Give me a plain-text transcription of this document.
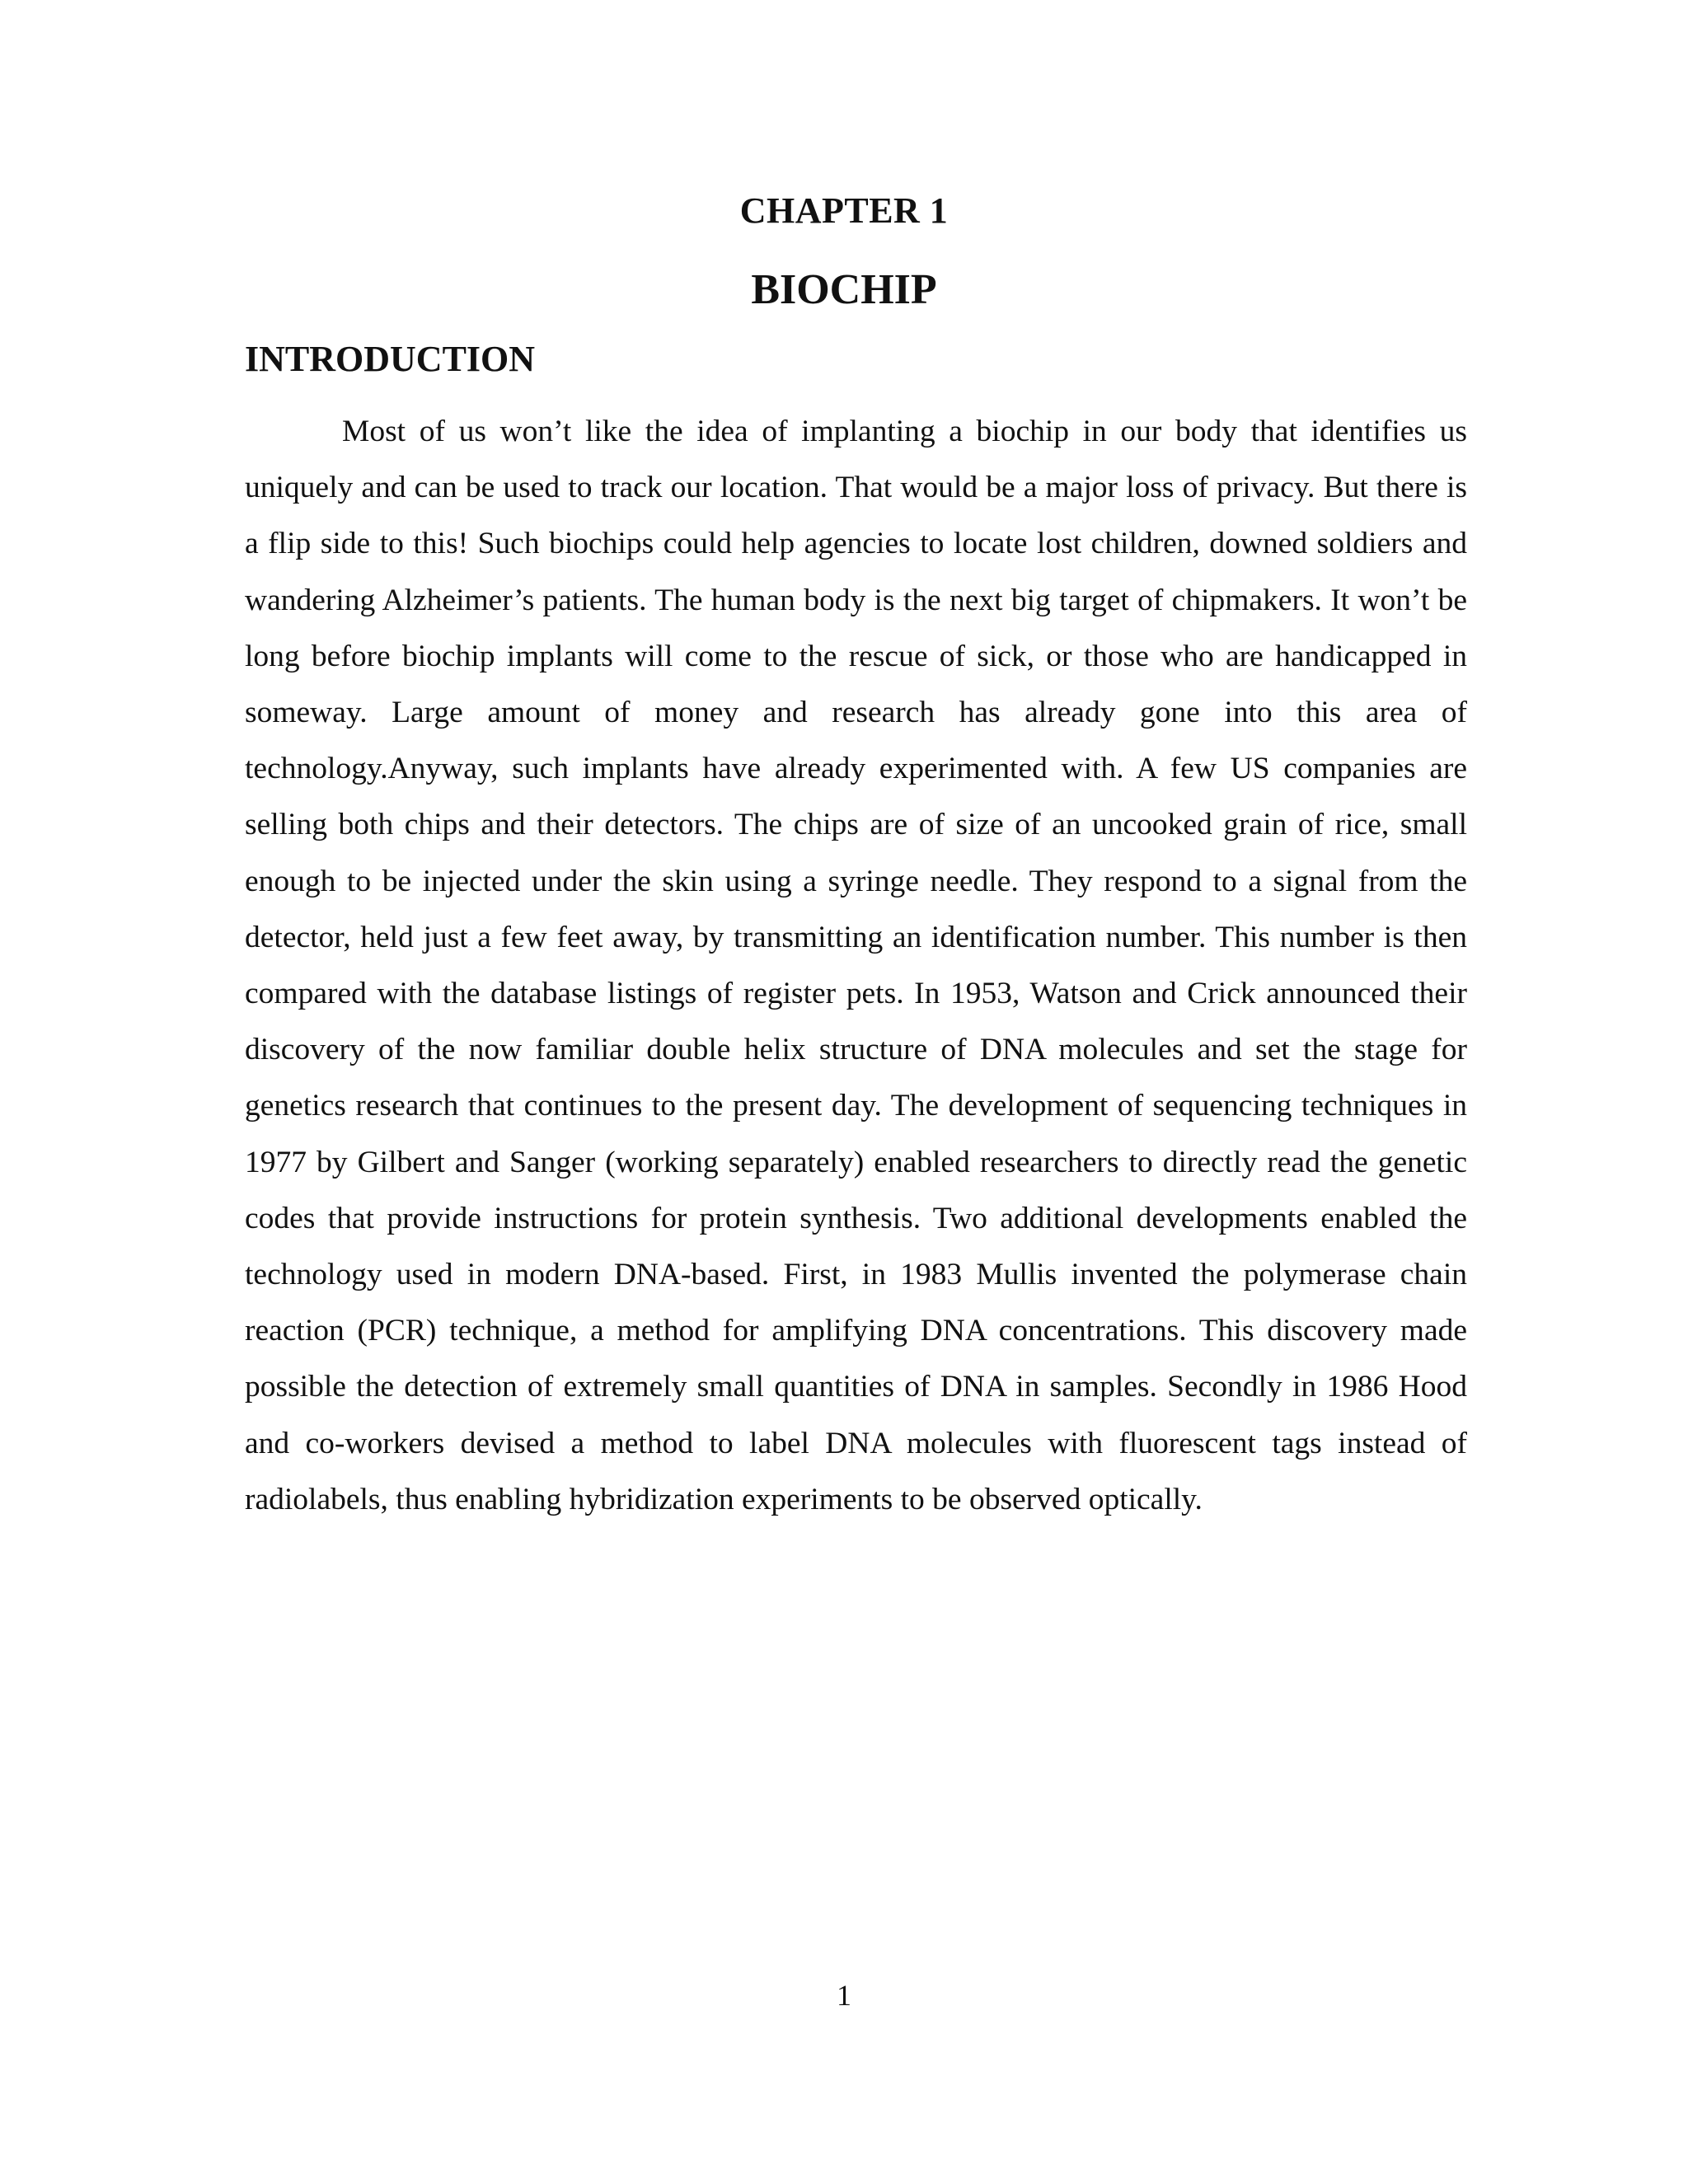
CHAPTER 1
BIOCHIP
INTRODUCTION

Most of us won’t like the idea of implanting a biochip in our body that identifies us uniquely and can be used to track our location. That would be a major loss of privacy. But there is a flip side to this! Such biochips could help agencies to locate lost children, downed soldiers and wandering Alzheimer’s patients. The human body is the next big target of chipmakers. It won’t be long before biochip implants will come to the rescue of sick, or those who are handicapped in someway. Large amount of money and research has already gone into this area of technology.Anyway, such implants have already experimented with. A few US companies are selling both chips and their detectors. The chips are of size of an uncooked grain of rice, small enough to be injected under the skin using a syringe needle. They respond to a signal from the detector, held just a few feet away, by transmitting an identification number. This number is then compared with the database listings of register pets. In 1953, Watson and Crick announced their discovery of the now familiar double helix structure of DNA molecules and set the stage for genetics research that continues to the present day. The development of sequencing techniques in 1977 by Gilbert and Sanger (working separately) enabled researchers to directly read the genetic codes that provide instructions for protein synthesis. Two additional developments enabled the technology used in modern DNA-based. First, in 1983 Mullis invented the polymerase chain reaction (PCR) technique, a method for amplifying DNA concentrations. This discovery made possible the detection of extremely small quantities of DNA in samples. Secondly in 1986 Hood and co-workers devised a method to label DNA molecules with fluorescent tags instead of radiolabels, thus enabling hybridization experiments to be observed optically.

1
